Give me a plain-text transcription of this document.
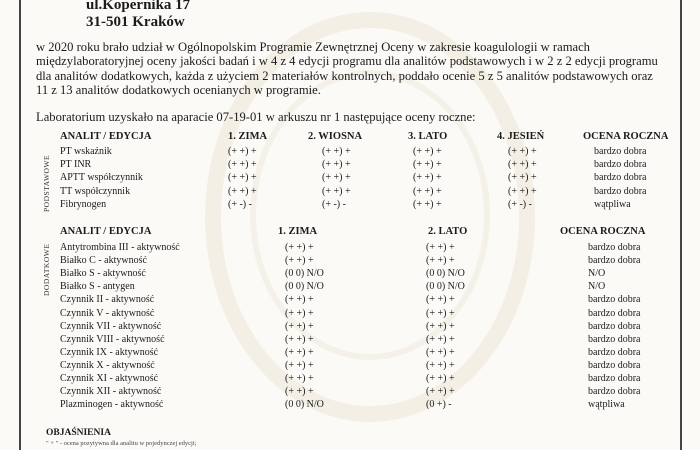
ul.Kopernika 17
31-501 Kraków
w 2020 roku brało udział w Ogólnopolskim Programie Zewnętrznej Oceny w zakresie koagulologii w ramach międzylaboratoryjnej oceny jakości badań i w 4 z 4 edycji programu dla analitów podstawowych i w 2 z 2 edycji programu dla analitów dodatkowych, każda z użyciem 2 materiałów kontrolnych, poddało ocenie 5 z 5 analitów podstawowych oraz 11 z 13 analitów dodatkowych ocenianych w programie.
Laboratorium uzyskało na aparacie 07-19-01 w arkuszu nr 1 następujące oceny roczne:
ANALIT / EDYCJA	1. ZIMA	2. WIOSNA	3. LATO	4. JESIEŃ	OCENA ROCZNA
PT wskaźnik	(+ +) +	(+ +) +	(+ +) +	(+ +) +	bardzo dobra
PT INR	(+ +) +	(+ +) +	(+ +) +	(+ +) +	bardzo dobra
APTT współczynnik	(+ +) +	(+ +) +	(+ +) +	(+ +) +	bardzo dobra
TT współczynnik	(+ +) +	(+ +) +	(+ +) +	(+ +) +	bardzo dobra
Fibrynogen	(+ -) -	(+ -) -	(+ +) +	(+ -) -	wątpliwa
PODSTAWOWE
ANALIT / EDYCJA	1. ZIMA	2. LATO	OCENA ROCZNA
Antytrombina III - aktywność	(+ +) +	(+ +) +	bardzo dobra
Białko C - aktywność	(+ +) +	(+ +) +	bardzo dobra
Białko S - aktywność	(0 0) N/O	(0 0) N/O	N/O
Białko S - antygen	(0 0) N/O	(0 0) N/O	N/O
Czynnik II - aktywność	(+ +) +	(+ +) +	bardzo dobra
Czynnik V - aktywność	(+ +) +	(+ +) +	bardzo dobra
Czynnik VII - aktywność	(+ +) +	(+ +) +	bardzo dobra
Czynnik VIII - aktywność	(+ +) +	(+ +) +	bardzo dobra
Czynnik IX - aktywność	(+ +) +	(+ +) +	bardzo dobra
Czynnik X - aktywność	(+ +) +	(+ +) +	bardzo dobra
Czynnik XI - aktywność	(+ +) +	(+ +) +	bardzo dobra
Czynnik XII - aktywność	(+ +) +	(+ +) +	bardzo dobra
Plazminogen - aktywność	(0 0) N/O	(0 +) -	wątpliwa
DODATKOWE
OBJAŚNIENIA
" + " - ocena pozytywna dla analitu w pojedynczej edycji;
